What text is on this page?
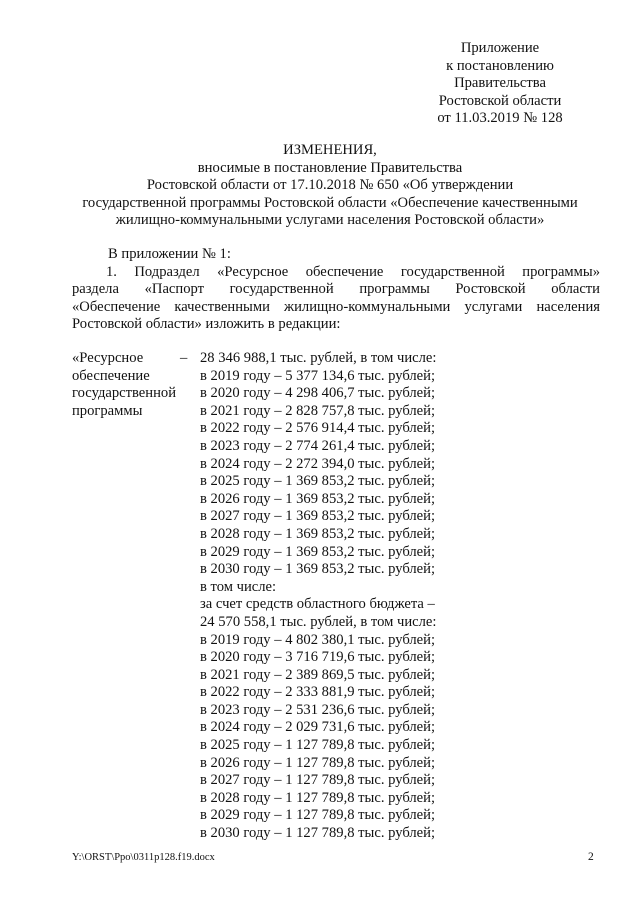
Приложение
к постановлению
Правительства
Ростовской области
от 11.03.2019 № 128
ИЗМЕНЕНИЯ,
вносимые в постановление Правительства
Ростовской области от 17.10.2018 № 650 «Об утверждении
государственной программы Ростовской области «Обеспечение качественными
жилищно-коммунальными услугами населения Ростовской области»
В приложении № 1:
1. Подраздел «Ресурсное обеспечение государственной программы»
раздела «Паспорт государственной программы Ростовской области
«Обеспечение качественными жилищно-коммунальными услугами населения
Ростовской области» изложить в редакции:
«Ресурсное
обеспечение
государственной
программы
– 28 346 988,1 тыс. рублей, в том числе:
в 2019 году – 5 377 134,6 тыс. рублей;
в 2020 году – 4 298 406,7 тыс. рублей;
в 2021 году – 2 828 757,8 тыс. рублей;
в 2022 году – 2 576 914,4 тыс. рублей;
в 2023 году – 2 774 261,4 тыс. рублей;
в 2024 году – 2 272 394,0 тыс. рублей;
в 2025 году – 1 369 853,2 тыс. рублей;
в 2026 году – 1 369 853,2 тыс. рублей;
в 2027 году – 1 369 853,2 тыс. рублей;
в 2028 году – 1 369 853,2 тыс. рублей;
в 2029 году – 1 369 853,2 тыс. рублей;
в 2030 году – 1 369 853,2 тыс. рублей;
в том числе:
за счет средств областного бюджета –
24 570 558,1 тыс. рублей, в том числе:
в 2019 году – 4 802 380,1 тыс. рублей;
в 2020 году – 3 716 719,6 тыс. рублей;
в 2021 году – 2 389 869,5 тыс. рублей;
в 2022 году – 2 333 881,9 тыс. рублей;
в 2023 году – 2 531 236,6 тыс. рублей;
в 2024 году – 2 029 731,6 тыс. рублей;
в 2025 году – 1 127 789,8 тыс. рублей;
в 2026 году – 1 127 789,8 тыс. рублей;
в 2027 году – 1 127 789,8 тыс. рублей;
в 2028 году – 1 127 789,8 тыс. рублей;
в 2029 году – 1 127 789,8 тыс. рублей;
в 2030 году – 1 127 789,8 тыс. рублей;
Y:\ORST\Ppo\0311p128.f19.docx	2
